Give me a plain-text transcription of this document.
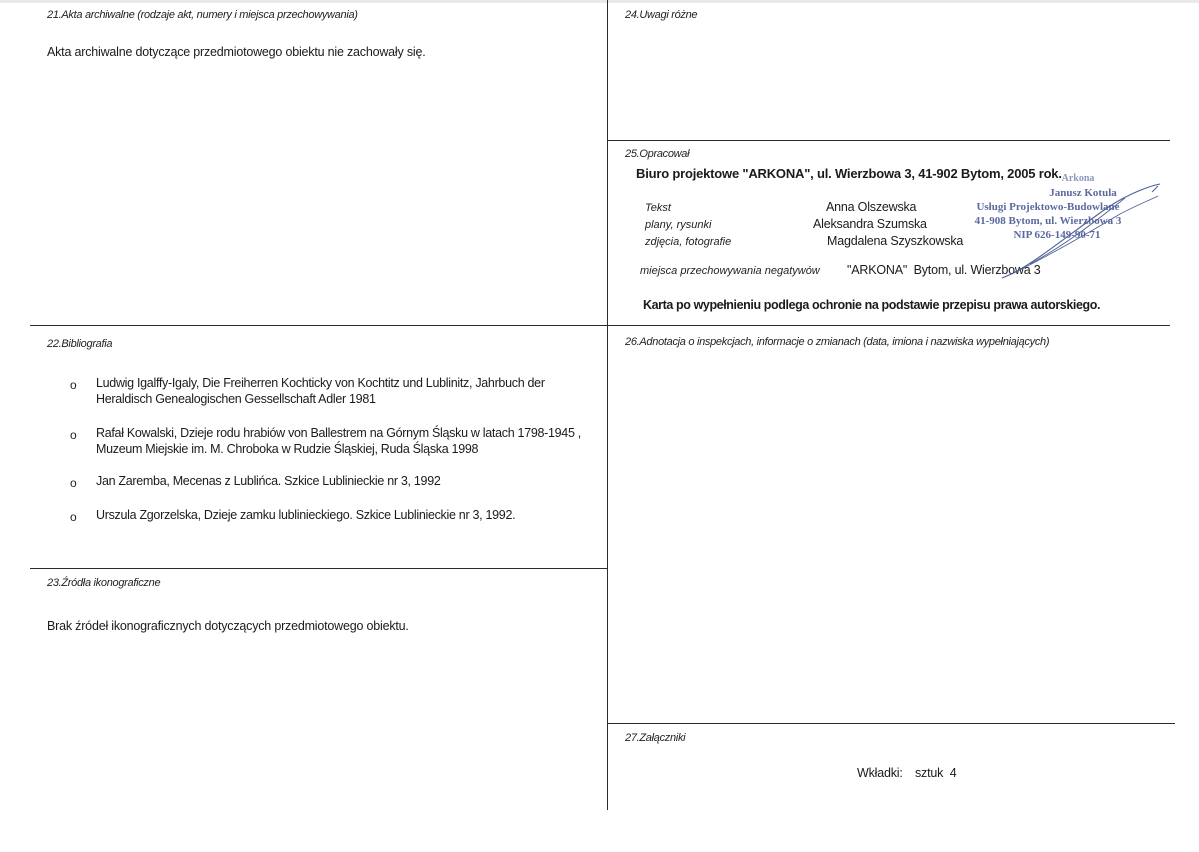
21.Akta archiwalne (rodzaje akt, numery i miejsca przechowywania)
Akta archiwalne dotyczące przedmiotowego obiektu nie zachowały się.
24.Uwagi różne
25.Opracował
Biuro projektowe "ARKONA", ul. Wierzbowa 3, 41-902 Bytom, 2005 rok.
Tekst	Anna Olszewska
plany, rysunki	Aleksandra Szumska
zdjęcia, fotografie	Magdalena Szyszkowska
miejsca przechowywania negatywów "ARKONA"  Bytom, ul. Wierzbowa 3
Karta po wypełnieniu podlega ochronie na podstawie przepisu prawa autorskiego.
Arkona
Janusz Kotula
Usługi Projektowo-Budowlane
41-908 Bytom, ul. Wierzbowa 3
NIP 626-149-90-71
22.Bibliografia
o Ludwig Igalffy-Igaly, Die Freiherren Kochticky von Kochtitz und Lublinitz, Jahrbuch der
Heraldisch Genealogischen Gessellschaft Adler 1981
o Rafał Kowalski, Dzieje rodu hrabiów von Ballestrem na Górnym Śląsku w latach 1798-1945 ,
Muzeum Miejskie im. M. Chroboka w Rudzie Śląskiej, Ruda Śląska 1998
o Jan Zaremba, Mecenas z Lublińca. Szkice Lublinieckie nr 3, 1992
o Urszula Zgorzelska, Dzieje zamku lublinieckiego. Szkice Lublinieckie nr 3, 1992.
26.Adnotacja o inspekcjach, informacje o zmianach (data, imiona i nazwiska wypełniających)
23.Źródła ikonograficzne
Brak źródeł ikonograficznych dotyczących przedmiotowego obiektu.
27.Załączniki
Wkładki: sztuk  4
